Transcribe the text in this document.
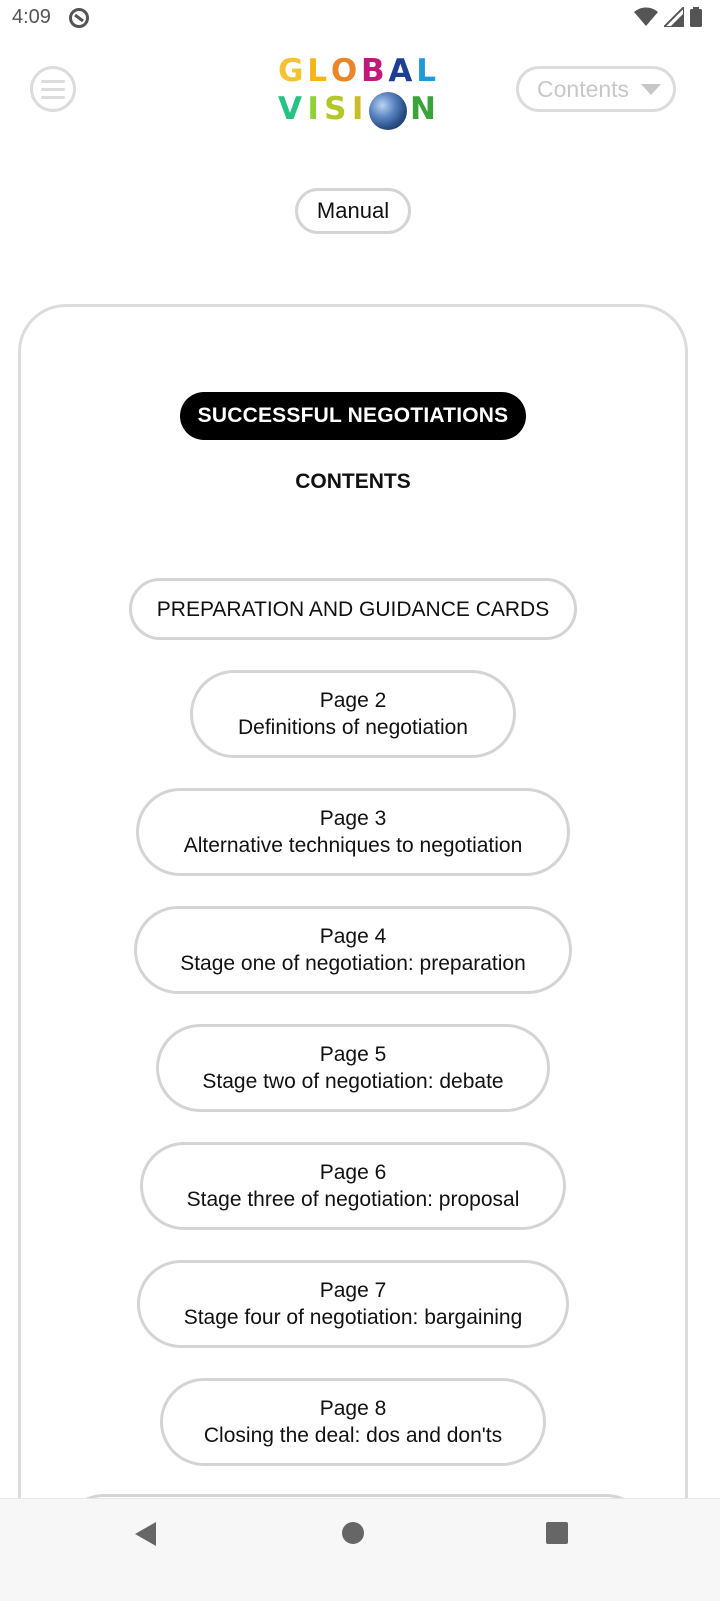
4:09
G L O B A L
V I S I N
Contents
Manual
SUCCESSFUL NEGOTIATIONS
CONTENTS
PREPARATION AND GUIDANCE CARDS
Page 2
Definitions of negotiation
Page 3
Alternative techniques to negotiation
Page 4
Stage one of negotiation: preparation
Page 5
Stage two of negotiation: debate
Page 6
Stage three of negotiation: proposal
Page 7
Stage four of negotiation: bargaining
Page 8
Closing the deal: dos and don'ts
